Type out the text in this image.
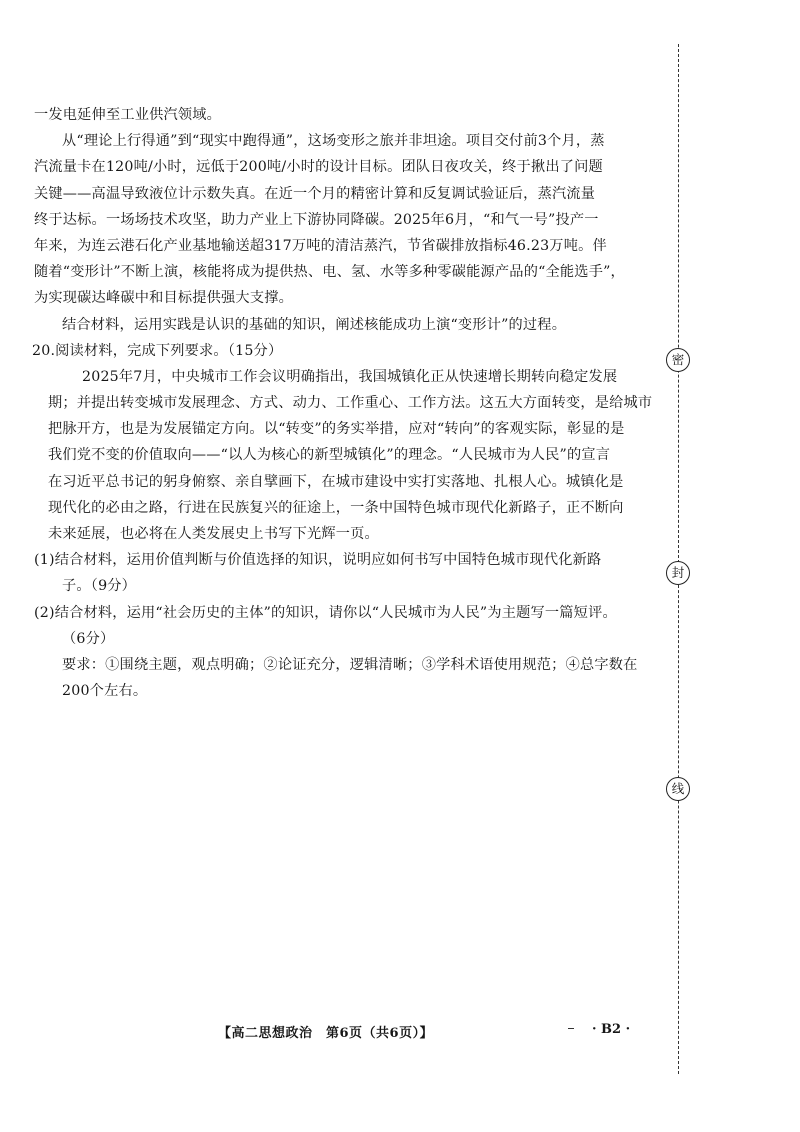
一发电延伸至工业供汽领域。
从“理论上行得通”到“现实中跑得通”，这场变形之旅并非坦途。项目交付前3个月，蒸
汽流量卡在120吨/小时，远低于200吨/小时的设计目标。团队日夜攻关，终于揪出了问题
关键——高温导致液位计示数失真。在近一个月的精密计算和反复调试验证后，蒸汽流量
终于达标。一场场技术攻坚，助力产业上下游协同降碳。2025年6月，“和气一号”投产一
年来，为连云港石化产业基地输送超317万吨的清洁蒸汽，节省碳排放指标46.23万吨。伴
随着“变形计”不断上演，核能将成为提供热、电、氢、水等多种零碳能源产品的“全能选手”，
为实现碳达峰碳中和目标提供强大支撑。
结合材料，运用实践是认识的基础的知识，阐述核能成功上演“变形计”的过程。
20.阅读材料，完成下列要求。（15分）
2025年7月，中央城市工作会议明确指出，我国城镇化正从快速增长期转向稳定发展
期；并提出转变城市发展理念、方式、动力、工作重心、工作方法。这五大方面转变，是给城市
把脉开方，也是为发展锚定方向。以“转变”的务实举措，应对“转向”的客观实际，彰显的是
我们党不变的价值取向——“以人为核心的新型城镇化”的理念。“人民城市为人民”的宣言
在习近平总书记的躬身俯察、亲自擘画下，在城市建设中实打实落地、扎根人心。城镇化是
现代化的必由之路，行进在民族复兴的征途上，一条中国特色城市现代化新路子，正不断向
未来延展，也必将在人类发展史上书写下光辉一页。
(1)结合材料，运用价值判断与价值选择的知识，说明应如何书写中国特色城市现代化新路
子。（9分）
(2)结合材料，运用“社会历史的主体”的知识，请你以“人民城市为人民”为主题写一篇短评。
（6分）
要求：①围绕主题，观点明确；②论证充分，逻辑清晰；③学科术语使用规范；④总字数在
200个左右。
密
封
线
【高二思想政治　第6页（共6页）】	· B2 ·
